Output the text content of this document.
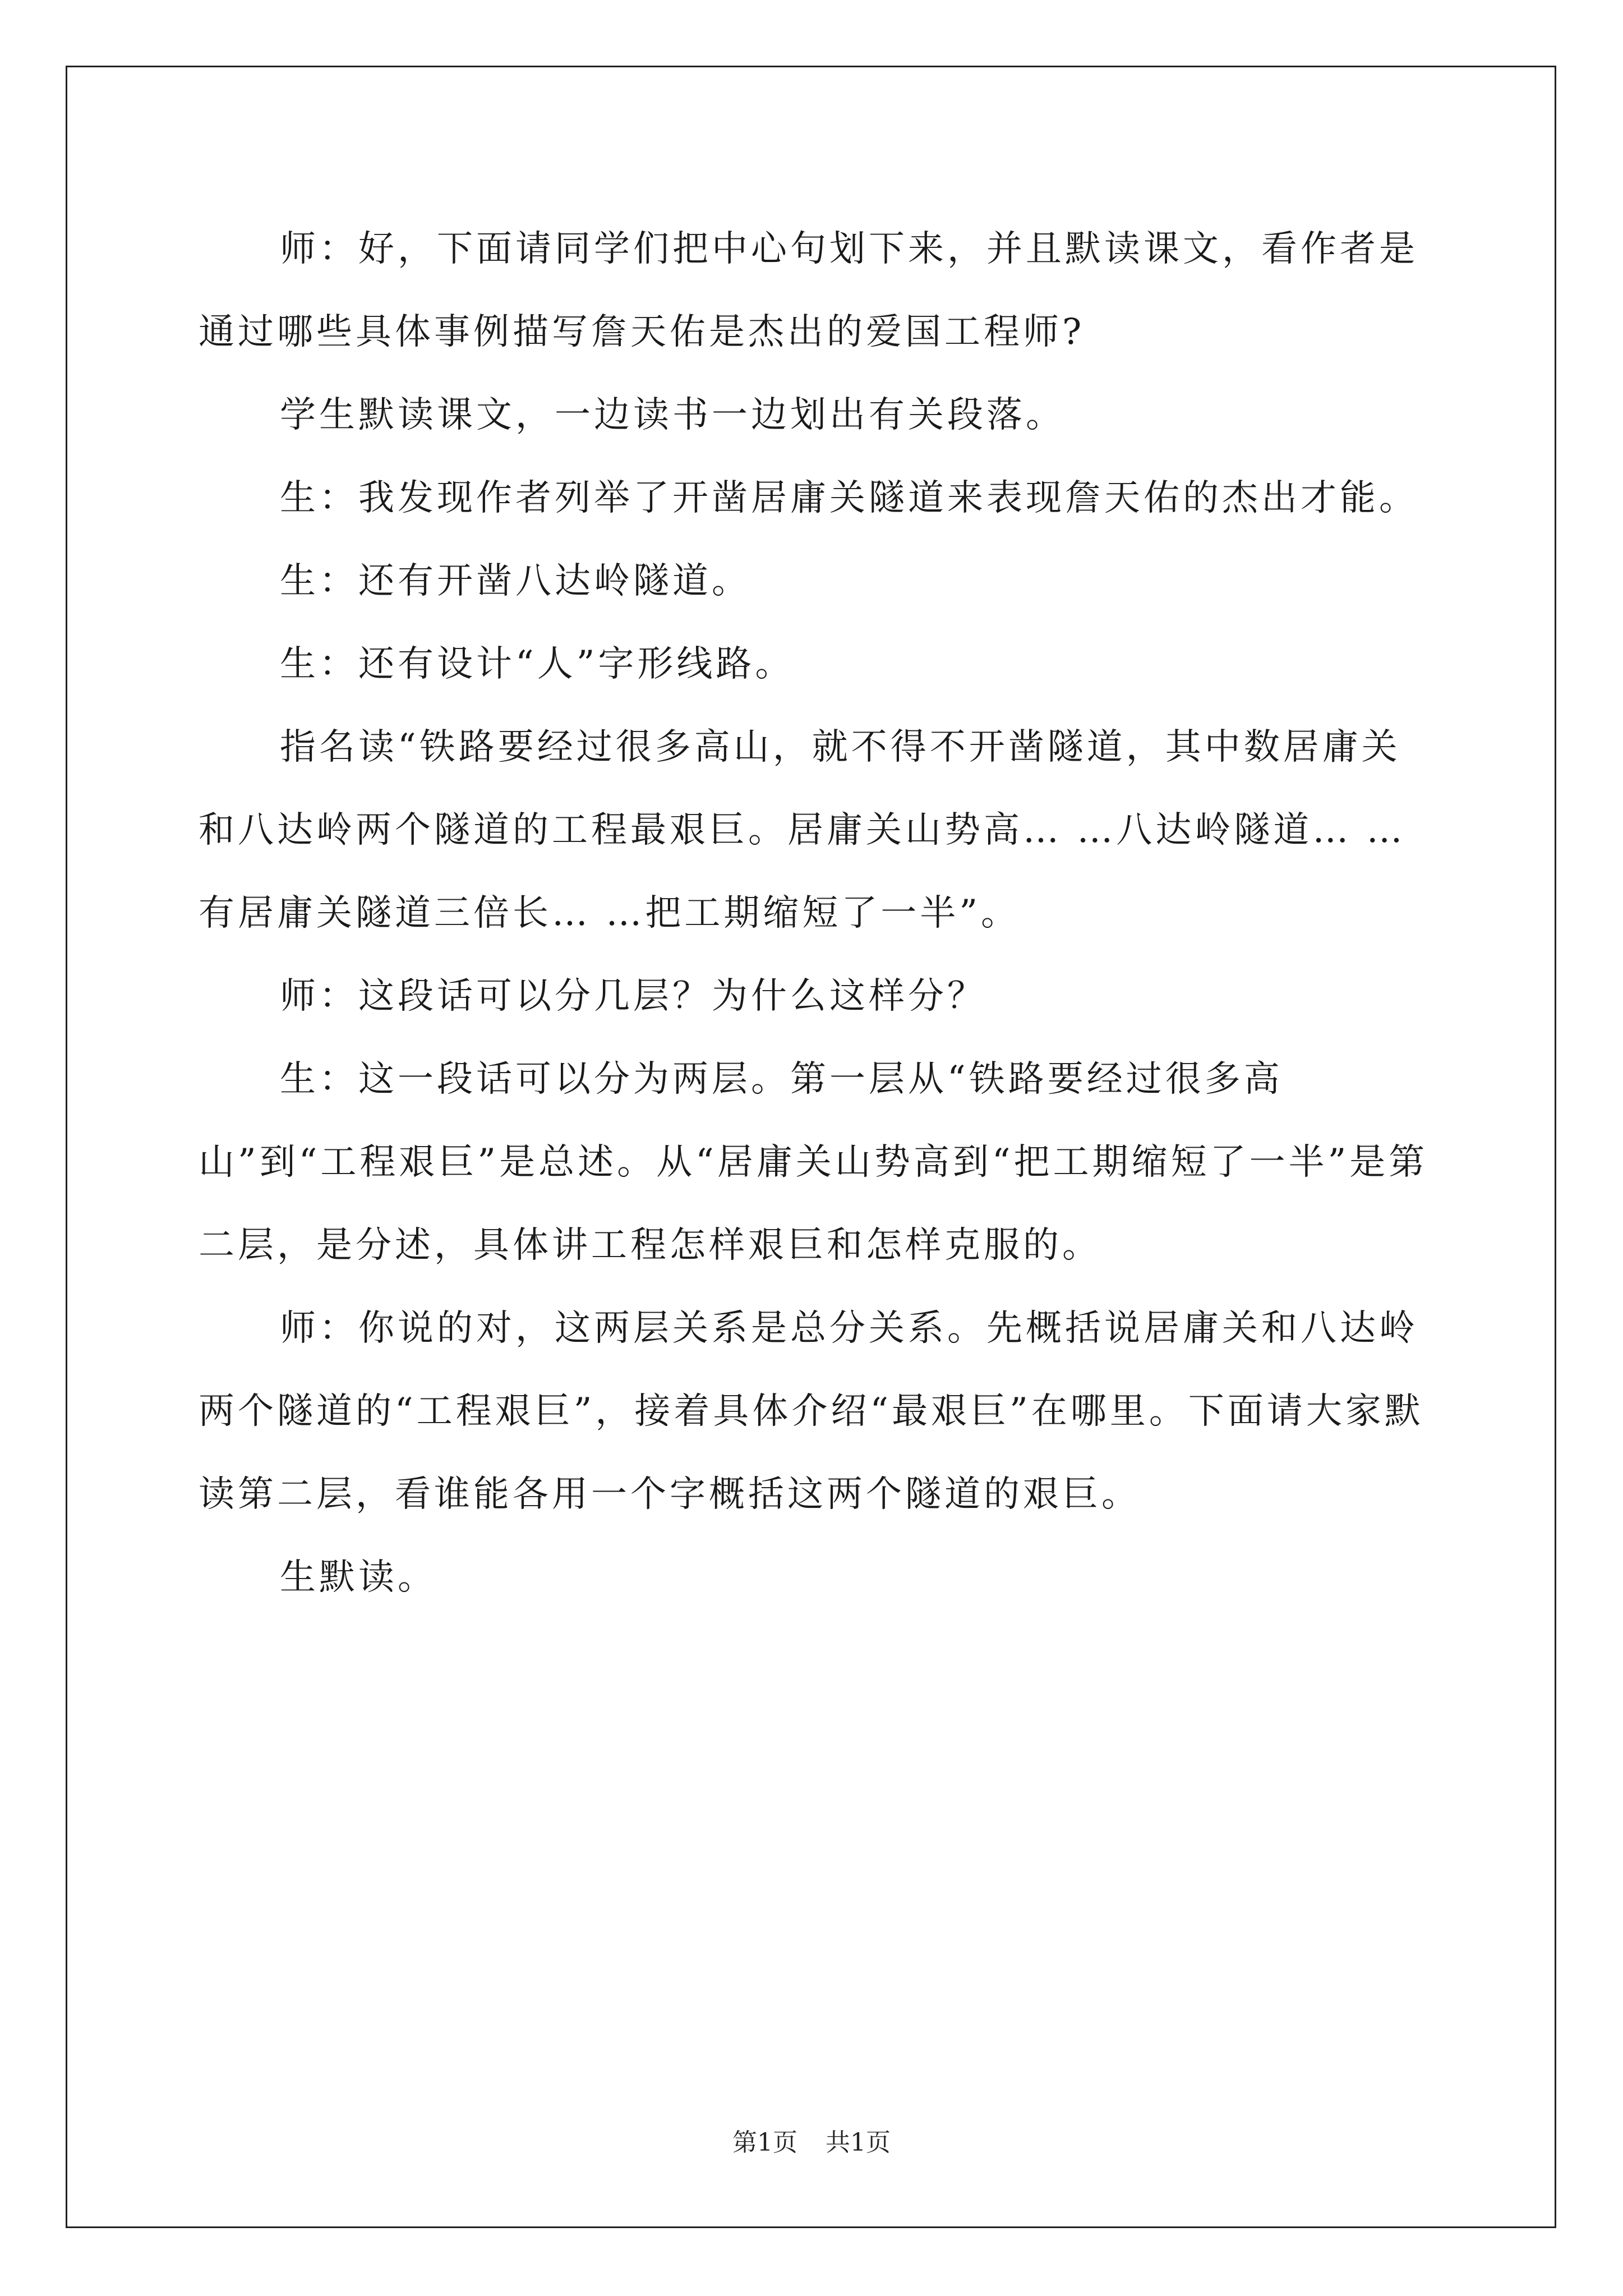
师：好，下面请同学们把中心句划下来，并且默读课文，看作者是通过哪些具体事例描写詹天佑是杰出的爱国工程师?

学生默读课文，一边读书一边划出有关段落。

生：我发现作者列举了开凿居庸关隧道来表现詹天佑的杰出才能。

生：还有开凿八达岭隧道。

生：还有设计“人”字形线路。

指名读“铁路要经过很多高山，就不得不开凿隧道，其中数居庸关和八达岭两个隧道的工程最艰巨。居庸关山势高… …八达岭隧道… …有居庸关隧道三倍长… …把工期缩短了一半”。

师：这段话可以分几层？为什么这样分？

生：这一段话可以分为两层。第一层从“铁路要经过很多高山”到“工程艰巨”是总述。从“居庸关山势高到“把工期缩短了一半”是第二层，是分述，具体讲工程怎样艰巨和怎样克服的。

师：你说的对，这两层关系是总分关系。先概括说居庸关和八达岭两个隧道的“工程艰巨”，接着具体介绍“最艰巨”在哪里。下面请大家默读第二层，看谁能各用一个字概括这两个隧道的艰巨。

生默读。

第1页 共1页
